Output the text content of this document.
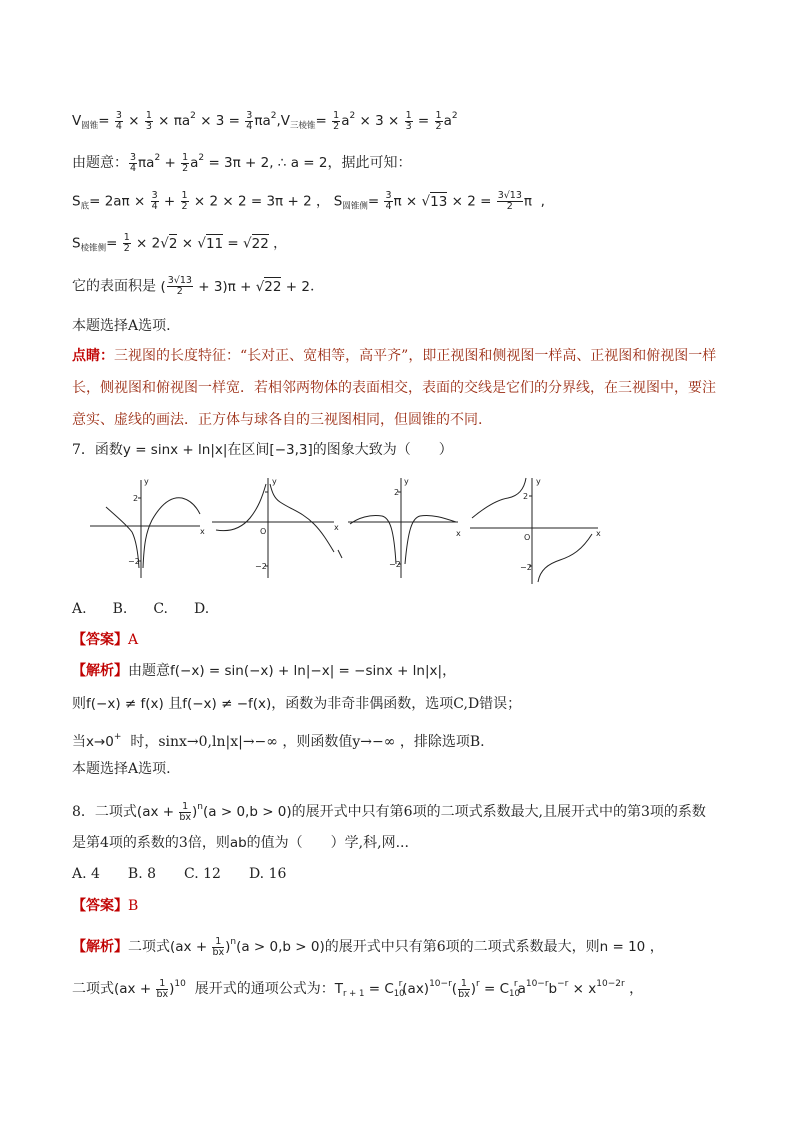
$V_{圆锥}= \frac{3}{4} \times \frac{1}{3} \times \pi a^2 \times 3 = \frac{3}{4} \pi a^2,V_{三棱锥}= \frac{1}{2} a^2 \times 3 \times \frac{1}{3} = \frac{1}{2} a^2$
由题意： $\frac{3}{4} \pi a^2 + \frac{1}{2} a^2 = 3\pi + 2$, ∴ a = 2，据此可知：
$S_底= 2a\pi \times \frac{3}{4} + \frac{1}{2} \times 2 \times 2 = 3\pi + 2$ ， $S_{圆锥侧}= \frac{3}{4}$ $\pi \times √13 \times 2 = \frac{3√13}{2}$ π  ,
$S_{棱锥侧}= \frac{1}{2} \times 2√2 \times √11 = √22$ ，
它的表面积是 ( $\frac{3√13}{2} + 3)\pi + √22 + 2$.
本题选择A选项.
点睛：三视图的长度特征：“长对正、宽相等，高平齐”，即正视图和侧视图一样高、正视图和俯视图一样
长，侧视图和俯视图一样宽．若相邻两物体的表面相交，表面的交线是它们的分界线，在三视图中，要注
意实、虚线的画法．正方体与球各自的三视图相同，但圆锥的不同.
7．函数y = sinx + ln|x|在区间[−3,3]的图象大致为（　　）
y
x
2
−2
y
x
O
−2
y
x
2
−2
y
x
O
2
−2
A. B. C. D.
【答案】A
【解析】由题意f(−x) = sin(−x) + ln|−x| = −sinx + ln|x|，
则f(−x) ≠ f(x) 且f(−x) ≠ −f(x)，函数为非奇非偶函数，选项C,D错误；
当x→0+ 时，sinx→0,ln|x|→−∞ ，则函数值y→−∞ ，排除选项B.
本题选择A选项.
8．二项式$(ax + \frac{1}{bx} )^n(a > 0,b > 0)$的展开式中只有第6项的二项式系数最大,且展开式中的第3项的系数
是第4项的系数的3倍，则ab的值为（　　）学,科,网...
A. 4　　B. 8　　C. 12　　D. 16
【答案】B
【解析】二项式$(ax + \frac{1}{bx} )^n(a > 0,b > 0)$的展开式中只有第6项的二项式系数最大，则n = 10 ，
二项式$(ax + \frac{1}{bx} )^{10}$ 展开式的通项公式为：$T_{r + 1} = C_{10}^r(ax)^{10-r}( \frac{1}{bx} )^r = C_{10}^ra^{10-r}b^{-r} \times x^{10-2r}$ ，
